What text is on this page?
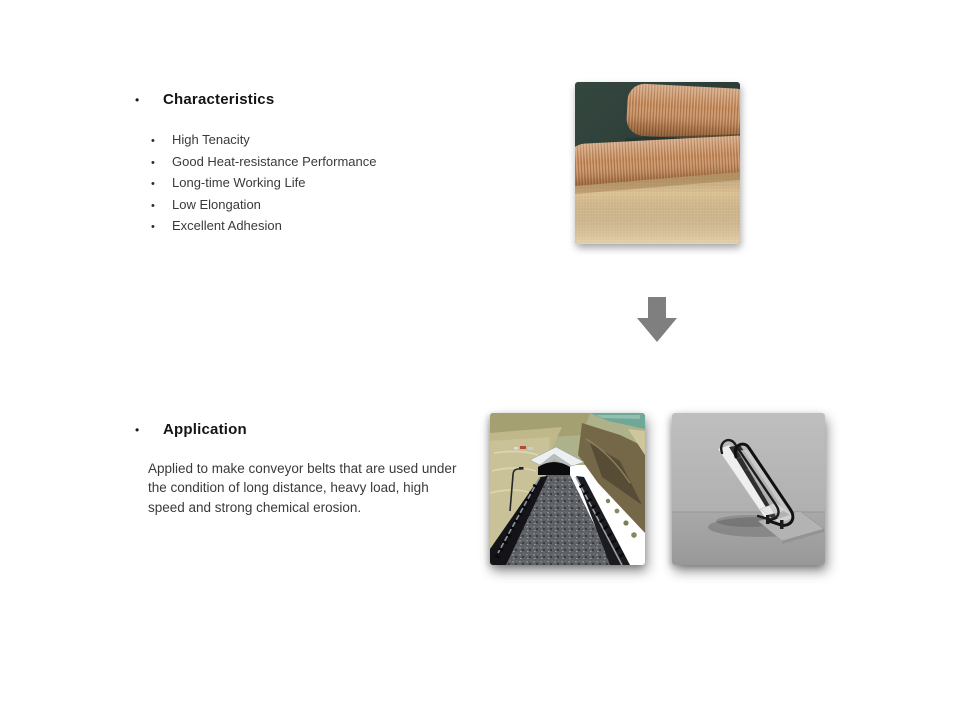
•	Characteristics
•	High Tenacity
•	Good Heat-resistance Performance
•	Long-time Working Life
•	Low Elongation
•	Excellent Adhesion
•	Application
Applied to make conveyor belts that are used under the condition of long distance, heavy load, high speed and strong chemical erosion.
